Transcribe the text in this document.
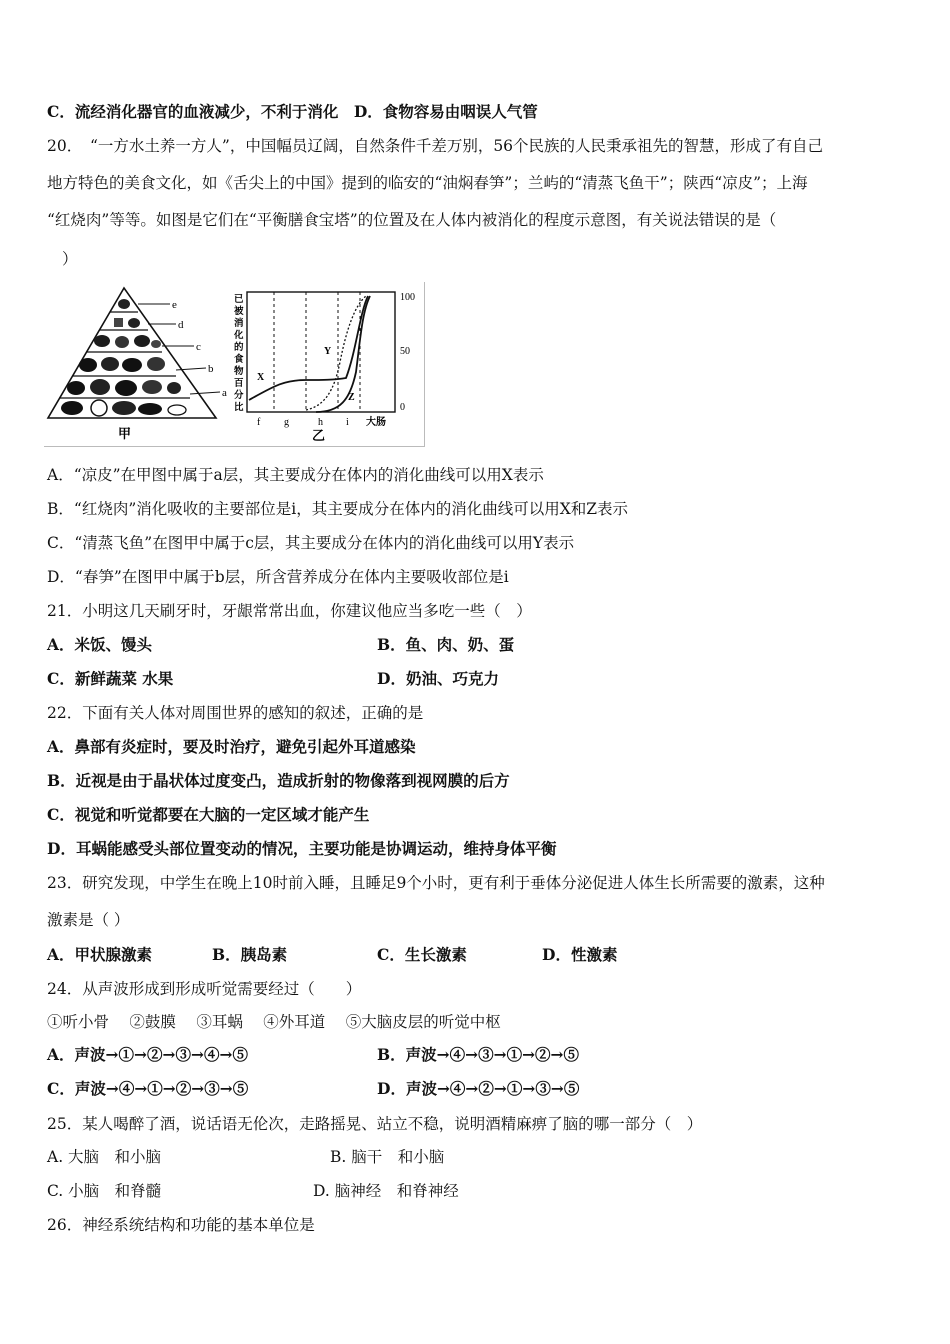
C．流经消化器官的血液减少，不利于消化　D．食物容易由咽误人气管
20．　“一方水土养一方人”，中国幅员辽阔，自然条件千差万别，56个民族的人民秉承祖先的智慧，形成了有自己
地方特色的美食文化，如《舌尖上的中国》提到的临安的“油焖春笋”；兰屿的“清蒸飞鱼干”；陕西“凉皮”；上海
“红烧肉”等等。如图是它们在“平衡膳食宝塔”的位置及在人体内被消化的程度示意图，有关说法错误的是（
）
e
d
c
b
a
甲
已
被
消
化
的
食
物
百
分
比
X
Y
Z
100
50
0
f g	h i 大肠
乙
A．“凉皮”在甲图中属于a层，其主要成分在体内的消化曲线可以用X表示
B．“红烧肉”消化吸收的主要部位是i，其主要成分在体内的消化曲线可以用X和Z表示
C．“清蒸飞鱼”在图甲中属于c层，其主要成分在体内的消化曲线可以用Y表示
D．“春笋”在图甲中属于b层，所含营养成分在体内主要吸收部位是i
21．小明这几天刷牙时，牙龈常常出血，你建议他应当多吃一些（　）
A．米饭、馒头	B．鱼、肉、奶、蛋
C．新鲜蔬菜 水果	D．奶油、巧克力
22．下面有关人体对周围世界的感知的叙述，正确的是
A．鼻部有炎症时，要及时治疗，避免引起外耳道感染
B．近视是由于晶状体过度变凸，造成折射的物像落到视网膜的后方
C．视觉和听觉都要在大脑的一定区域才能产生
D．耳蜗能感受头部位置变动的情况，主要功能是协调运动，维持身体平衡
23．研究发现，中学生在晚上10时前入睡，且睡足9个小时，更有利于垂体分泌促进人体生长所需要的激素，这种
激素是（ ）
A．甲状腺激素	B．胰岛素	C．生长激素	D．性激素
24．从声波形成到形成听觉需要经过（　　）
①听小骨　 ②鼓膜　 ③耳蜗　 ④外耳道　 ⑤大脑皮层的听觉中枢
A．声波→①→②→③→④→⑤	B．声波→④→③→①→②→⑤
C．声波→④→①→②→③→⑤	D．声波→④→②→①→③→⑤
25．某人喝醉了酒，说话语无伦次，走路摇晃、站立不稳，说明酒精麻痹了脑的哪一部分（　）
A. 大脑　和小脑	B. 脑干　和小脑
C. 小脑　和脊髓	D. 脑神经　和脊神经
26．神经系统结构和功能的基本单位是
